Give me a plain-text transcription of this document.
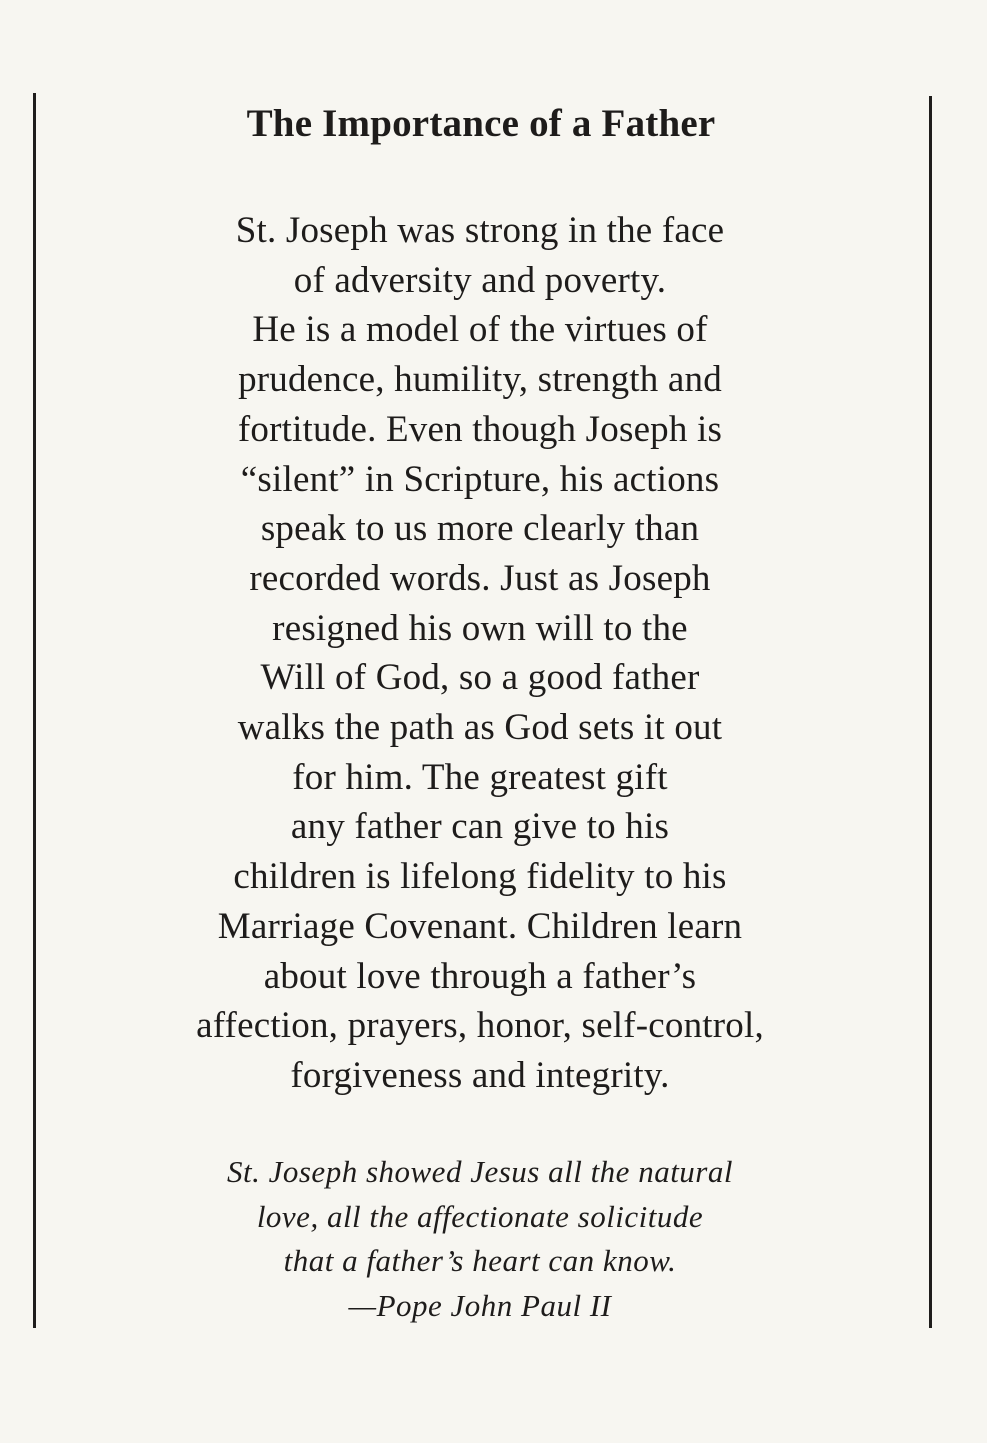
The Importance of a Father
St. Joseph was strong in the face
of adversity and poverty.
He is a model of the virtues of
prudence, humility, strength and
fortitude. Even though Joseph is
“silent” in Scripture, his actions
speak to us more clearly than
recorded words. Just as Joseph
resigned his own will to the
Will of God, so a good father
walks the path as God sets it out
for him. The greatest gift
any father can give to his
children is lifelong fidelity to his
Marriage Covenant. Children learn
about love through a father’s
affection, prayers, honor, self-control,
forgiveness and integrity.
St. Joseph showed Jesus all the natural
love, all the affectionate solicitude
that a father’s heart can know.
—Pope John Paul II
